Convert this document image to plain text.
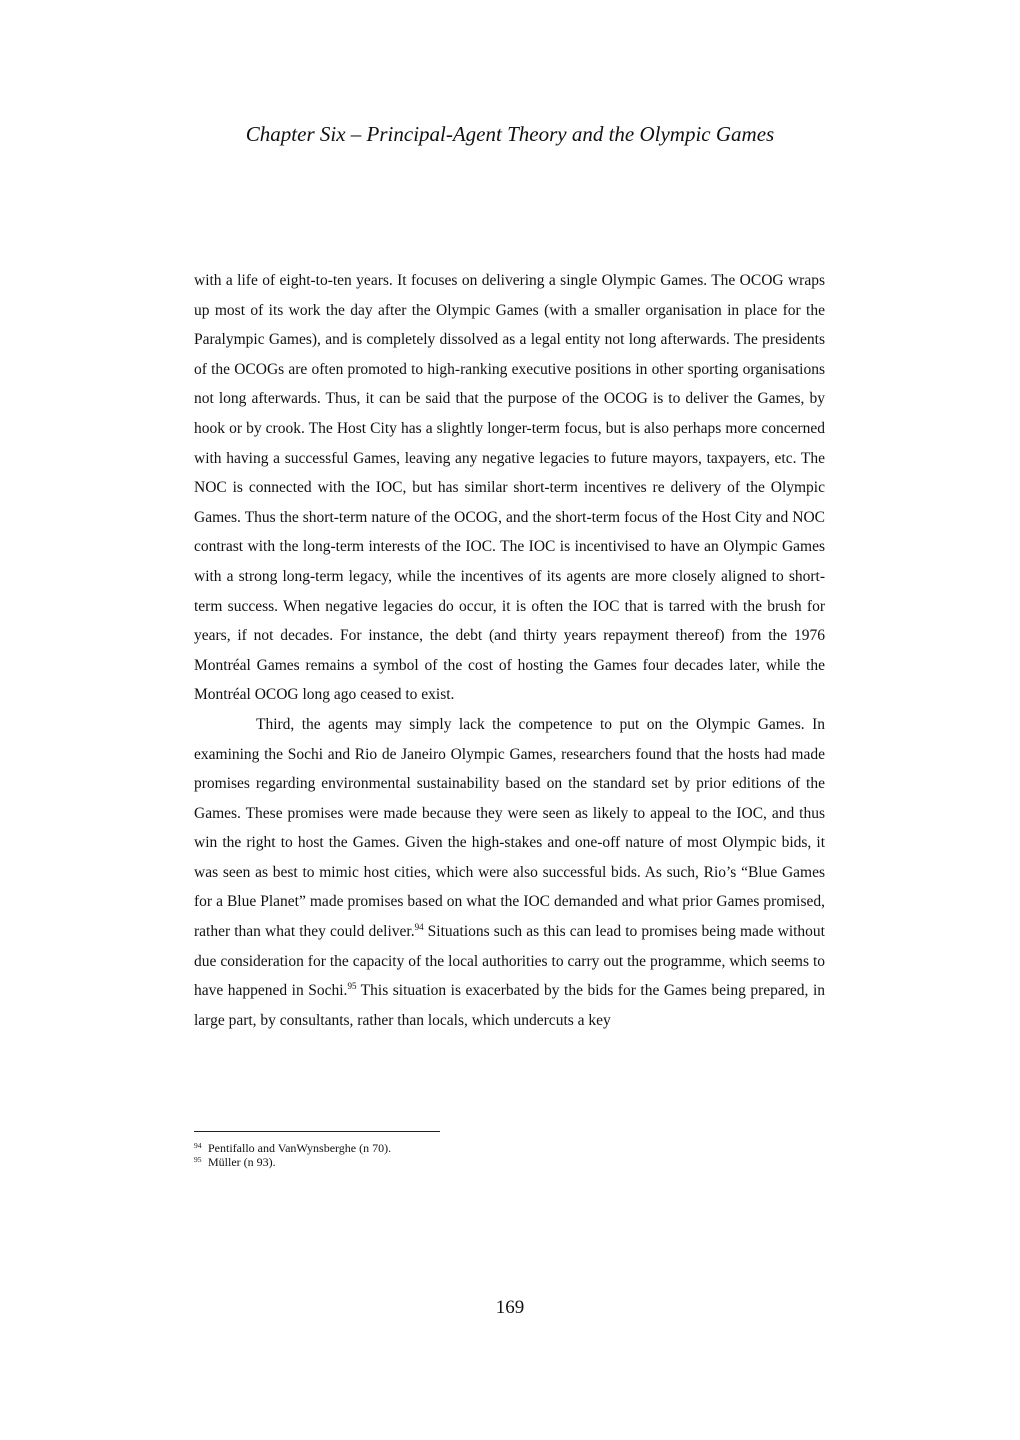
Chapter Six – Principal-Agent Theory and the Olympic Games

with a life of eight-to-ten years. It focuses on delivering a single Olympic Games. The OCOG wraps up most of its work the day after the Olympic Games (with a smaller organisation in place for the Paralympic Games), and is completely dissolved as a legal entity not long afterwards. The presidents of the OCOGs are often promoted to high-ranking executive positions in other sporting organisations not long afterwards. Thus, it can be said that the purpose of the OCOG is to deliver the Games, by hook or by crook. The Host City has a slightly longer-term focus, but is also perhaps more concerned with having a successful Games, leaving any negative legacies to future mayors, taxpayers, etc. The NOC is connected with the IOC, but has similar short-term incentives re delivery of the Olympic Games. Thus the short-term nature of the OCOG, and the short-term focus of the Host City and NOC contrast with the long-term interests of the IOC. The IOC is incentivised to have an Olympic Games with a strong long-term legacy, while the incentives of its agents are more closely aligned to short-term success. When negative legacies do occur, it is often the IOC that is tarred with the brush for years, if not decades. For instance, the debt (and thirty years repayment thereof) from the 1976 Montréal Games remains a symbol of the cost of hosting the Games four decades later, while the Montréal OCOG long ago ceased to exist.

Third, the agents may simply lack the competence to put on the Olympic Games. In examining the Sochi and Rio de Janeiro Olympic Games, researchers found that the hosts had made promises regarding environmental sustainability based on the standard set by prior editions of the Games. These promises were made because they were seen as likely to appeal to the IOC, and thus win the right to host the Games. Given the high-stakes and one-off nature of most Olympic bids, it was seen as best to mimic host cities, which were also successful bids. As such, Rio’s “Blue Games for a Blue Planet” made promises based on what the IOC demanded and what prior Games promised, rather than what they could deliver.$^{94}$ Situations such as this can lead to promises being made without due consideration for the capacity of the local authorities to carry out the programme, which seems to have happened in Sochi.$^{95}$ This situation is exacerbated by the bids for the Games being prepared, in large part, by consultants, rather than locals, which undercuts a key

94 Pentifallo and VanWynsberghe (n 70).

95 Müller (n 93).

169
